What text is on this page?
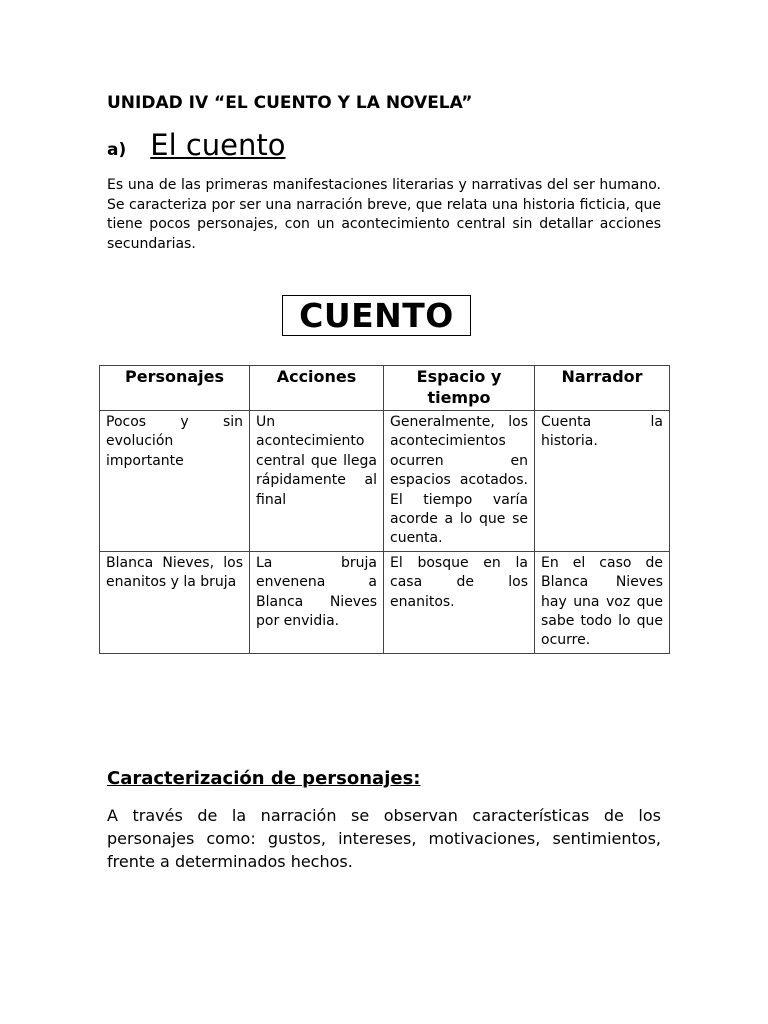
UNIDAD IV “EL CUENTO Y LA NOVELA”
a) El cuento

Es una de las primeras manifestaciones literarias y narrativas del ser humano. Se caracteriza por ser una narración breve, que relata una historia ficticia, que tiene pocos personajes, con un acontecimiento central sin detallar acciones secundarias.

CUENTO
Personajes	Acciones	Espacio y tiempo	Narrador
Pocos y sin evolución importante	Un acontecimiento central que llega rápidamente al final	Generalmente, los acontecimientos ocurren en espacios acotados. El tiempo varía acorde a lo que se cuenta.	Cuenta la historia.
Blanca Nieves, los enanitos y la bruja	La bruja envenena a Blanca Nieves por envidia.	El bosque en la casa de los enanitos.	En el caso de Blanca Nieves hay una voz que sabe todo lo que ocurre.
Caracterización de personajes:

A través de la narración se observan características de los personajes como: gustos, intereses, motivaciones, sentimientos, frente a determinados hechos.
